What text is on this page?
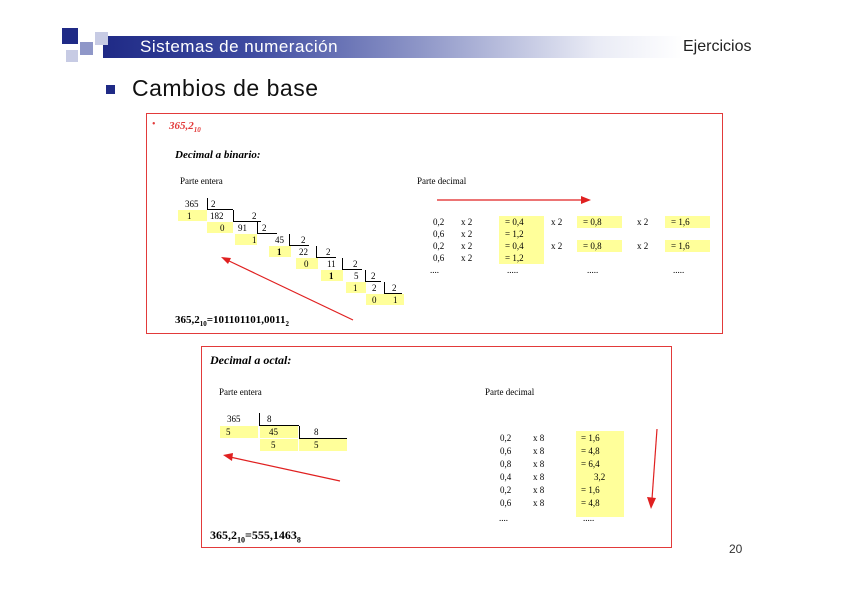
Sistemas de numeración	Ejercicios
Cambios de base
• $365,2_{10}$
Decimal a binario:
Parte entera	Parte decimal
365 2
1 182	2
0 91 2
1 45 2
1 22 2
0 11 2
1 5 2
1 2 2
0 1
0,2 x 2	= 0,4	x 2 = 0,8	x 2	= 1,6
0,6 x 2	= 1,2
0,2 x 2	= 0,4	x 2 = 0,8	x 2	= 1,6
0,6 x 2	= 1,2
....	.....	.....	.....
$365,2_{10}=101101101,0011_2$
Decimal a octal:
Parte entera	Parte decimal
365	8
5	45	8
5	5
0,2 x 8	= 1,6
0,6 x 8	= 4,8
0,8 x 8	= 6,4
0,4 x 8	3,2
0,2 x 8	= 1,6
0,6 x 8	= 4,8
....	.....
$365,2_{10}=555,1463_8$
20
